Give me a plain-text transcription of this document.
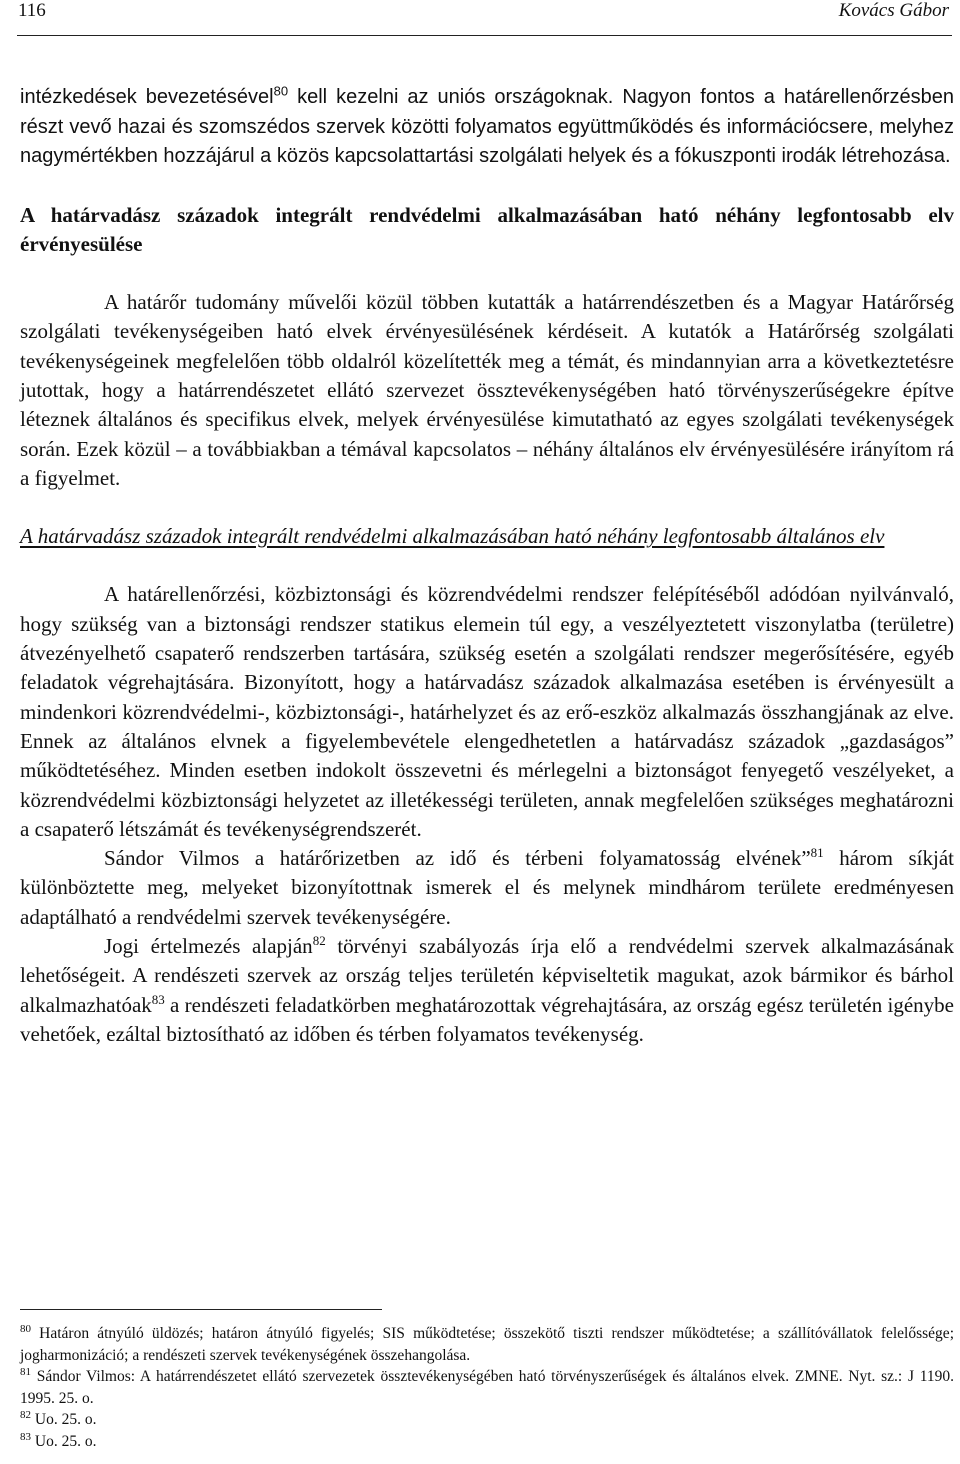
116	Kovács Gábor

intézkedések bevezetésével$^{80}$ kell kezelni az uniós országoknak. Nagyon fontos a határellenőrzésben részt vevő hazai és szomszédos szervek közötti folyamatos együttműködés és információcsere, melyhez nagymértékben hozzájárul a közös kapcsolattartási szolgálati helyek és a fókuszponti irodák létrehozása.

A határvadász századok integrált rendvédelmi alkalmazásában ható néhány legfontosabb elv érvényesülése

A határőr tudomány művelői közül többen kutatták a határrendészetben és a Magyar Határőrség szolgálati tevékenységeiben ható elvek érvényesülésének kérdéseit. A kutatók a Határőrség szolgálati tevékenységeinek megfelelően több oldalról közelítették meg a témát, és mindannyian arra a következtetésre jutottak, hogy a határrendészetet ellátó szervezet össztevékenységében ható törvényszerűségekre építve léteznek általános és specifikus elvek, melyek érvényesülése kimutatható az egyes szolgálati tevékenységek során. Ezek közül – a továbbiakban a témával kapcsolatos – néhány általános elv érvényesülésére irányítom rá a figyelmet.

A határvadász századok integrált rendvédelmi alkalmazásában ható néhány legfontosabb általános elv

A határellenőrzési, közbiztonsági és közrendvédelmi rendszer felépítéséből adódóan nyilvánvaló, hogy szükség van a biztonsági rendszer statikus elemein túl egy, a veszélyeztetett viszonylatba (területre) átvezényelhető csapaterő rendszerben tartására, szükség esetén a szolgálati rendszer megerősítésére, egyéb feladatok végrehajtására. Bizonyított, hogy a határvadász századok alkalmazása esetében is érvényesült a mindenkori közrendvédelmi-, közbiztonsági-, határhelyzet és az erő-eszköz alkalmazás összhangjának az elve. Ennek az általános elvnek a figyelembevétele elengedhetetlen a határvadász századok „gazdaságos” működtetéséhez. Minden esetben indokolt összevetni és mérlegelni a biztonságot fenyegető veszélyeket, a közrendvédelmi közbiztonsági helyzetet az illetékességi területen, annak megfelelően szükséges meghatározni a csapaterő létszámát és tevékenységrendszerét.

Sándor Vilmos a határőrizetben az idő és térbeni folyamatosság elvének”$^{81}$ három síkját különböztette meg, melyeket bizonyítottnak ismerek el és melynek mindhárom területe eredményesen adaptálható a rendvédelmi szervek tevékenységére.

Jogi értelmezés alapján$^{82}$ törvényi szabályozás írja elő a rendvédelmi szervek alkalmazásának lehetőségeit. A rendészeti szervek az ország teljes területén képviseltetik magukat, azok bármikor és bárhol alkalmazhatóak$^{83}$ a rendészeti feladatkörben meghatározottak végrehajtására, az ország egész területén igénybe vehetőek, ezáltal biztosítható az időben és térben folyamatos tevékenység.

$^{80}$ Határon átnyúló üldözés; határon átnyúló figyelés; SIS működtetése; összekötő tiszti rendszer működtetése; a szállítóvállatok felelőssége; jogharmonizáció; a rendészeti szervek tevékenységének összehangolása.

$^{81}$ Sándor Vilmos: A határrendészetet ellátó szervezetek össztevékenységében ható törvényszerűségek és általános elvek. ZMNE. Nyt. sz.: J 1190. 1995. 25. o.

$^{82}$ Uo. 25. o.

$^{83}$ Uo. 25. o.
